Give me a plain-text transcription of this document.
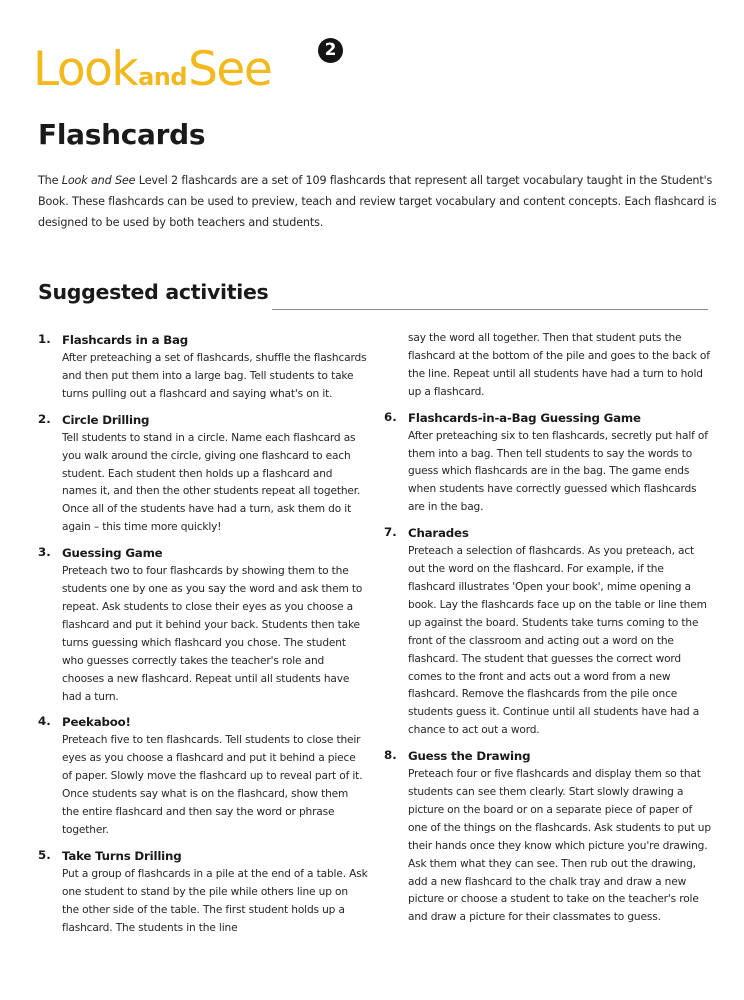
LookandSee	2
Flashcards

The Look and See Level 2 flashcards are a set of 109 flashcards that represent all target vocabulary taught in the Student's Book. These flashcards can be used to preview, teach and review target vocabulary and content concepts. Each flashcard is designed to be used by both teachers and students.

Suggested activities
1. Flashcards in a Bag

After preteaching a set of flashcards, shuffle the flashcards and then put them into a large bag. Tell students to take turns pulling out a flashcard and saying what's on it.

2. Circle Drilling

Tell students to stand in a circle. Name each flashcard as you walk around the circle, giving one flashcard to each student. Each student then holds up a flashcard and names it, and then the other students repeat all together. Once all of the students have had a turn, ask them do it again – this time more quickly!

3. Guessing Game

Preteach two to four flashcards by showing them to the students one by one as you say the word and ask them to repeat. Ask students to close their eyes as you choose a flashcard and put it behind your back. Students then take turns guessing which flashcard you chose. The student who guesses correctly takes the teacher's role and chooses a new flashcard. Repeat until all students have had a turn.

4. Peekaboo!

Preteach five to ten flashcards. Tell students to close their eyes as you choose a flashcard and put it behind a piece of paper. Slowly move the flashcard up to reveal part of it. Once students say what is on the flashcard, show them the entire flashcard and then say the word or phrase together.

5. Take Turns Drilling

Put a group of flashcards in a pile at the end of a table. Ask one student to stand by the pile while others line up on the other side of the table. The first student holds up a flashcard. The students in the line

say the word all together. Then that student puts the flashcard at the bottom of the pile and goes to the back of the line. Repeat until all students have had a turn to hold up a flashcard.

6. Flashcards-in-a-Bag Guessing Game

After preteaching six to ten flashcards, secretly put half of them into a bag. Then tell students to say the words to guess which flashcards are in the bag. The game ends when students have correctly guessed which flashcards are in the bag.

7. Charades

Preteach a selection of flashcards. As you preteach, act out the word on the flashcard. For example, if the flashcard illustrates 'Open your book', mime opening a book. Lay the flashcards face up on the table or line them up against the board. Students take turns coming to the front of the classroom and acting out a word on the flashcard. The student that guesses the correct word comes to the front and acts out a word from a new flashcard. Remove the flashcards from the pile once students guess it. Continue until all students have had a chance to act out a word.

8. Guess the Drawing

Preteach four or five flashcards and display them so that students can see them clearly. Start slowly drawing a picture on the board or on a separate piece of paper of one of the things on the flashcards. Ask students to put up their hands once they know which picture you're drawing. Ask them what they can see. Then rub out the drawing, add a new flashcard to the chalk tray and draw a new picture or choose a student to take on the teacher's role and draw a picture for their classmates to guess.
